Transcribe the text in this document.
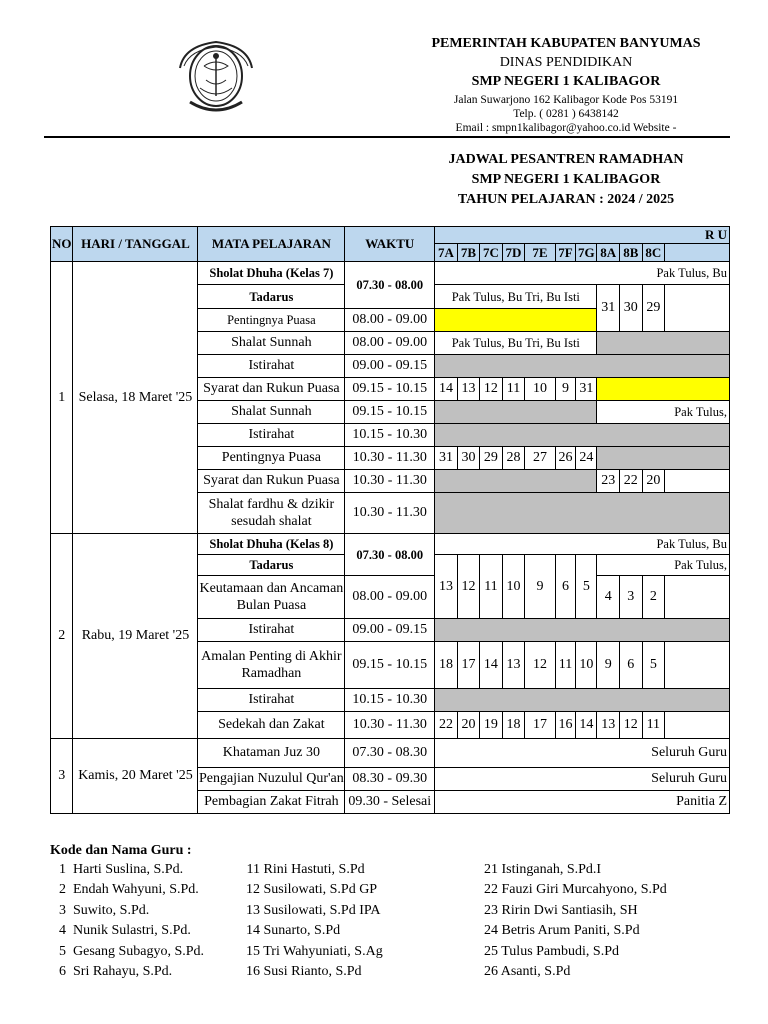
PEMERINTAH KABUPATEN BANYUMAS
DINAS PENDIDIKAN
SMP NEGERI 1 KALIBAGOR
Jalan Suwarjono 162 Kalibagor Kode Pos 53191
Telp. ( 0281 ) 6438142
Email : smpn1kalibagor@yahoo.co.id Website -
JADWAL PESANTREN RAMADHAN
SMP NEGERI 1 KALIBAGOR
TAHUN PELAJARAN : 2024 / 2025
NO	HARI / TANGGAL	MATA PELAJARAN	WAKTU	R U										
				7A	7B	7C	7D	7E	7F	7G	8A	8B	8C	
1	Selasa, 18 Maret '25	Sholat Dhuha (Kelas 7)	07.30 - 08.00	Pak Tulus, Bu										
		Tadarus		Pak Tulus, Bu Tri, Bu Isti							31	30	29	
		Pentingnya Puasa	08.00 - 09.00											
		Shalat Sunnah	08.00 - 09.00	Pak Tulus, Bu Tri, Bu Isti										
		Istirahat	09.00 - 09.15											
		Syarat dan Rukun Puasa	09.15 - 10.15	14	13	12	11	10	9	31				
		Shalat Sunnah	09.15 - 10.15								Pak Tulus,			
		Istirahat	10.15 - 10.30											
		Pentingnya Puasa	10.30 - 11.30	31	30	29	28	27	26	24				
		Syarat dan Rukun Puasa	10.30 - 11.30								23	22	20	
		Shalat fardhu & dzikir sesudah shalat	10.30 - 11.30											
2	Rabu, 19 Maret '25	Sholat Dhuha (Kelas 8)	07.30 - 08.00	Pak Tulus, Bu										
		Tadarus		13	12	11	10	9	6	5	Pak Tulus,			
		Keutamaan dan Ancaman Bulan Puasa	08.00 - 09.00								4	3	2	
		Istirahat	09.00 - 09.15											
		Amalan Penting di Akhir Ramadhan	09.15 - 10.15	18	17	14	13	12	11	10	9	6	5	
		Istirahat	10.15 - 10.30											
		Sedekah dan Zakat	10.30 - 11.30	22	20	19	18	17	16	14	13	12	11	
3	Kamis, 20 Maret '25	Khataman Juz 30	07.30 - 08.30	Seluruh Guru										
		Pengajian Nuzulul Qur'an	08.30 - 09.30	Seluruh Guru										
		Pembagian Zakat Fitrah	09.30 - Selesai	Panitia Z										
Kode dan Nama Guru :
1 Harti Suslina, S.Pd.
2 Endah Wahyuni, S.Pd.
3 Suwito, S.Pd.
4 Nunik Sulastri, S.Pd.
5 Gesang Subagyo, S.Pd.
6 Sri Rahayu, S.Pd.
11 Rini Hastuti, S.Pd
12 Susilowati, S.Pd GP
13 Susilowati, S.Pd IPA
14 Sunarto, S.Pd
15 Tri Wahyuniati, S.Ag
16 Susi Rianto, S.Pd
21 Istinganah, S.Pd.I
22 Fauzi Giri Murcahyono, S.Pd
23 Ririn Dwi Santiasih, SH
24 Betris Arum Paniti, S.Pd
25 Tulus Pambudi, S.Pd
26 Asanti, S.Pd
